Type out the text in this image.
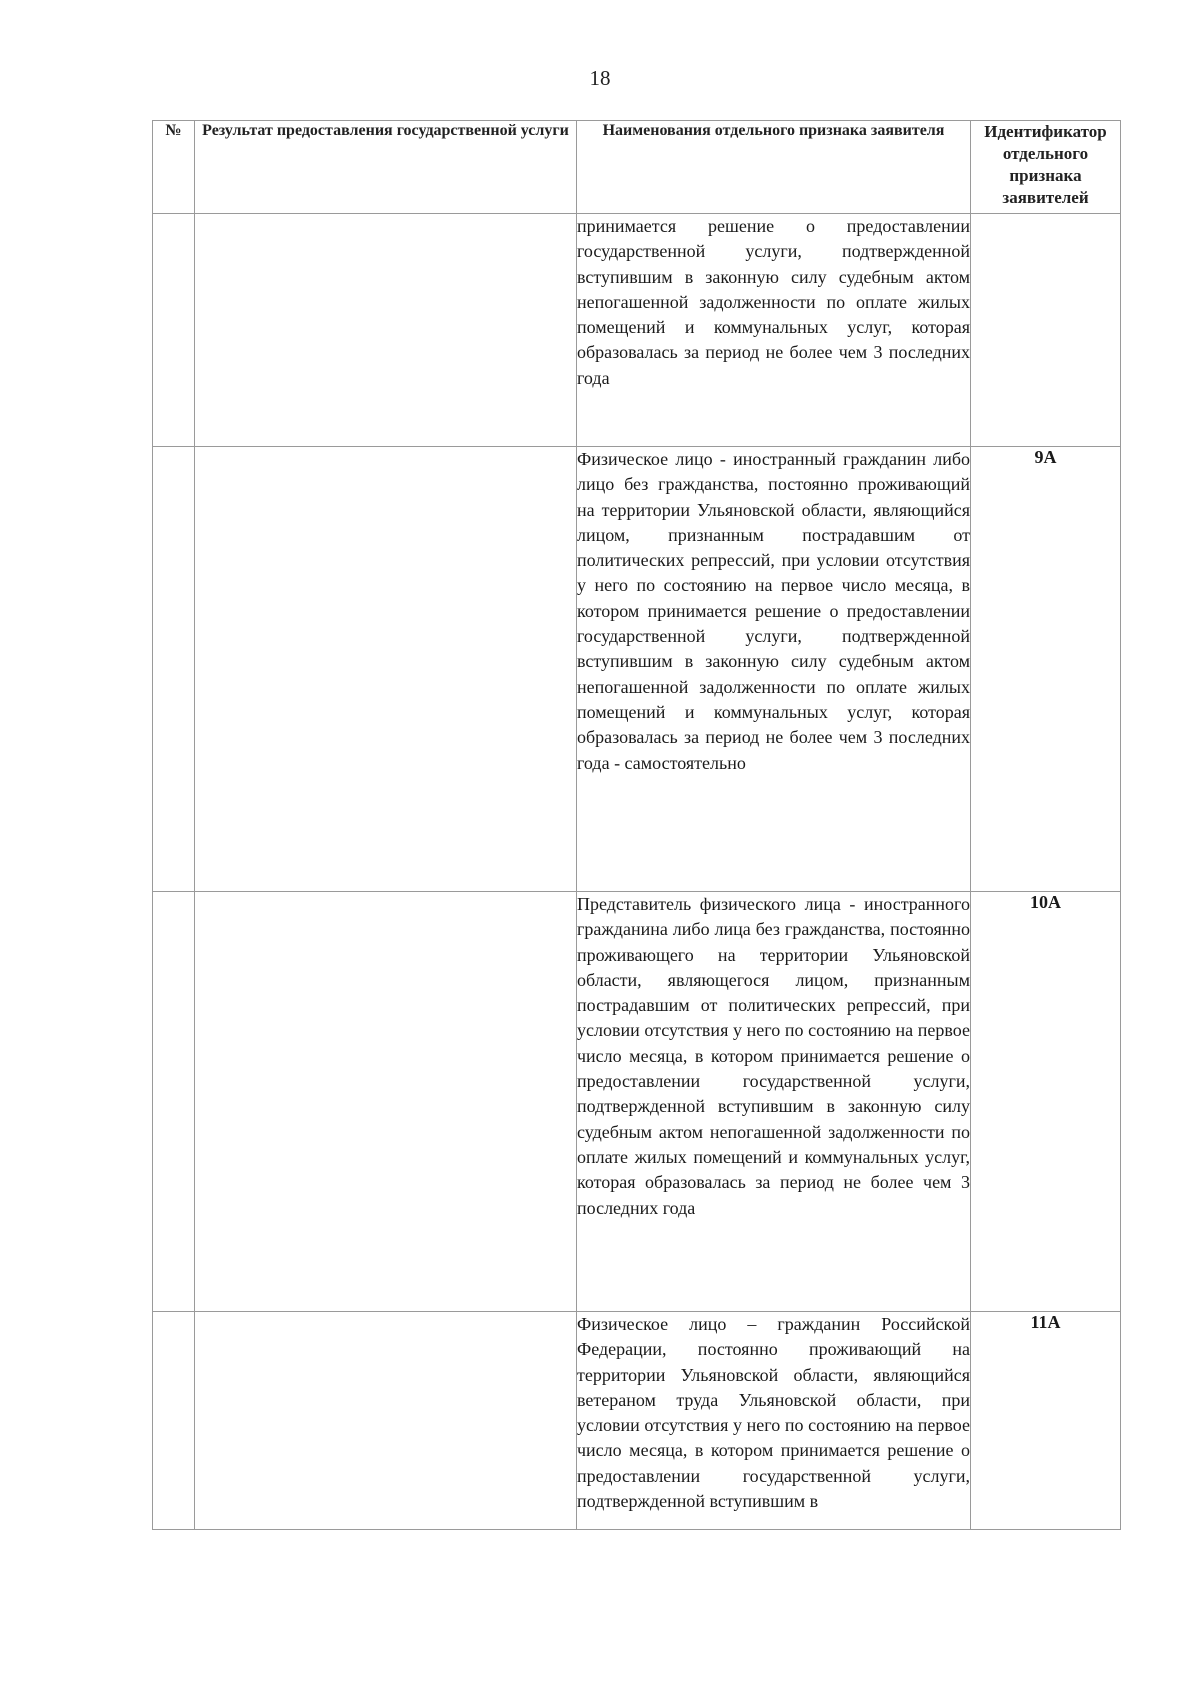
18
№	Результат предоставления государственной услуги	Наименования отдельного признака заявителя	Идентификатор отдельного признака заявителей
		принимается решение о предоставлении государственной услуги, подтвержденной вступившим в законную силу судебным актом непогашенной задолженности по оплате жилых помещений и коммунальных услуг, которая образовалась за период не более чем 3 последних года	
		Физическое лицо - иностранный гражданин либо лицо без гражданства, постоянно проживающий на территории Ульяновской области, являющийся лицом, признанным пострадавшим от политических репрессий, при условии отсутствия у него по состоянию на первое число месяца, в котором принимается решение о предоставлении государственной услуги, подтвержденной вступившим в законную силу судебным актом непогашенной задолженности по оплате жилых помещений и коммунальных услуг, которая образовалась за период не более чем 3 последних года - самостоятельно	9А
		Представитель физического лица - иностранного гражданина либо лица без гражданства, постоянно проживающего на территории Ульяновской области, являющегося лицом, признанным пострадавшим от политических репрессий, при условии отсутствия у него по состоянию на первое число месяца, в котором принимается решение о предоставлении государственной услуги, подтвержденной вступившим в законную силу судебным актом непогашенной задолженности по оплате жилых помещений и коммунальных услуг, которая образовалась за период не более чем 3 последних года	10А
		Физическое лицо – гражданин Российской Федерации, постоянно проживающий на территории Ульяновской области, являющийся ветераном труда Ульяновской области, при условии отсутствия у него по состоянию на первое число месяца, в котором принимается решение о предоставлении государственной услуги, подтвержденной вступившим в	11А
